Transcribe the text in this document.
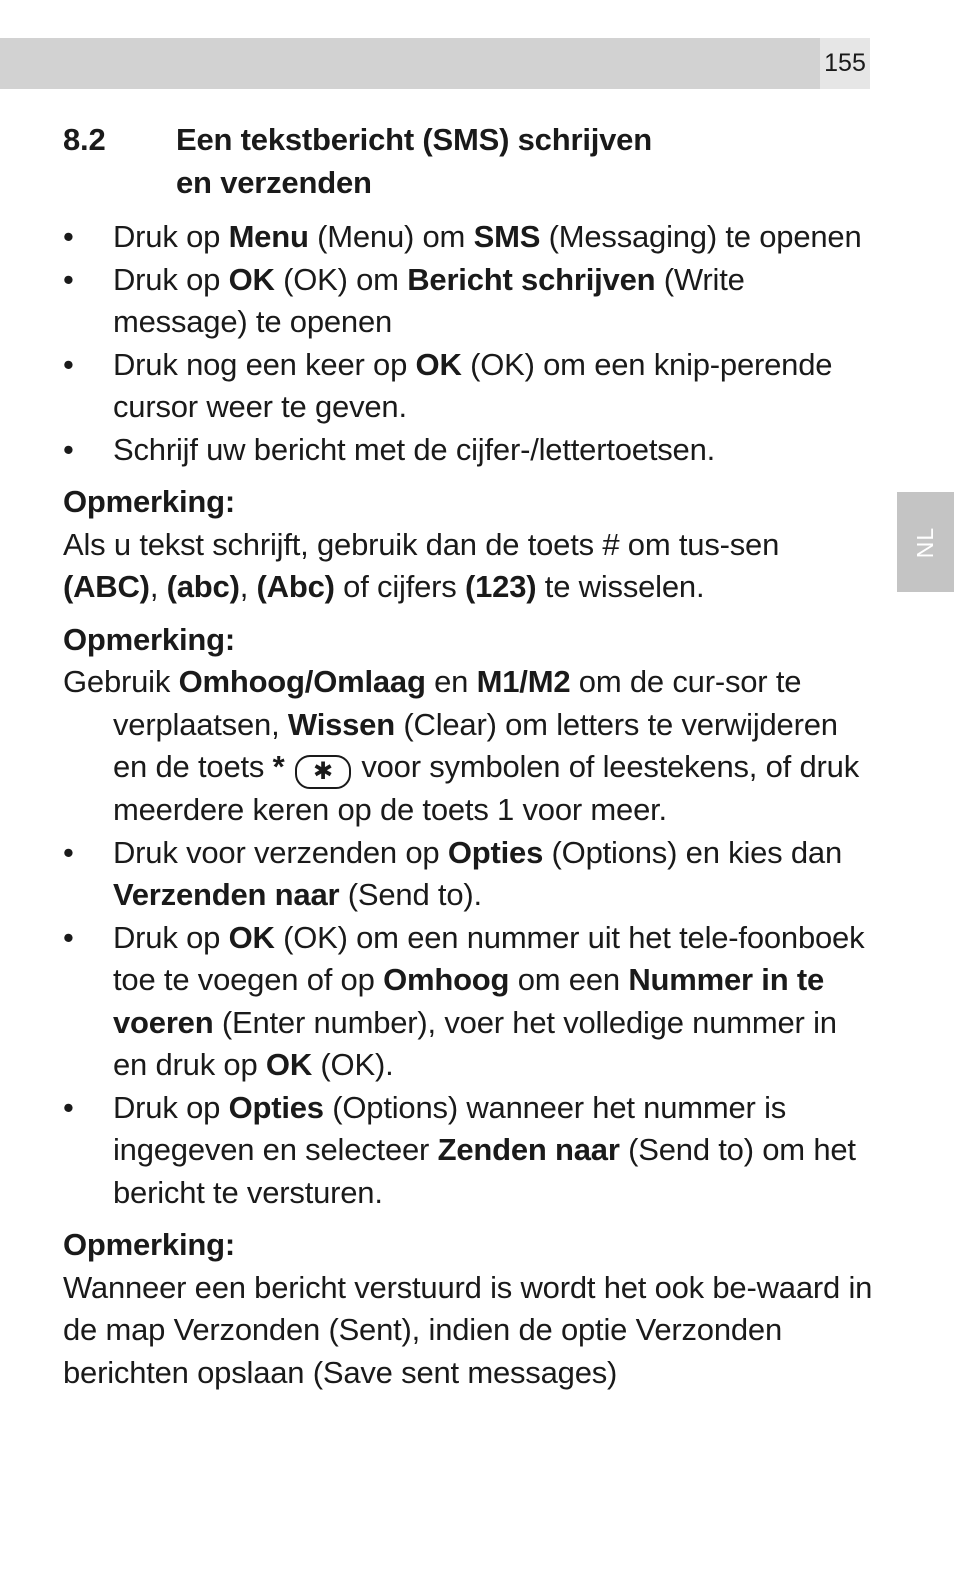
155
NL
8.2	Een tekstbericht (SMS) schrijven
en verzenden
• Druk op Menu (Menu) om SMS (Messaging) te openen
• Druk op OK (OK) om Bericht schrijven (Write message) te openen
• Druk nog een keer op OK (OK) om een knip-perende cursor weer te geven.
• Schrijf uw bericht met de cijfer-/lettertoetsen.
Opmerking:
Als u tekst schrijft, gebruik dan de toets # om tus-sen (ABC), (abc), (Abc) of cijfers (123) te wisselen.
Opmerking:
Gebruik Omhoog/Omlaag en M1/M2 om de cur-sor te verplaatsen, Wissen (Clear) om letters te verwijderen en de toets * ✱ voor symbolen of leestekens, of druk meerdere keren op de toets 1 voor meer.
• Druk voor verzenden op Opties (Options) en kies dan Verzenden naar (Send to).
• Druk op OK (OK) om een nummer uit het tele-foonboek toe te voegen of op Omhoog om een Nummer in te voeren (Enter number), voer het volledige nummer in en druk op OK (OK).
• Druk op Opties (Options) wanneer het nummer is ingegeven en selecteer Zenden naar (Send to) om het bericht te versturen.
Opmerking:
Wanneer een bericht verstuurd is wordt het ook be-waard in de map Verzonden (Sent), indien de optie Verzonden berichten opslaan (Save sent messages)
